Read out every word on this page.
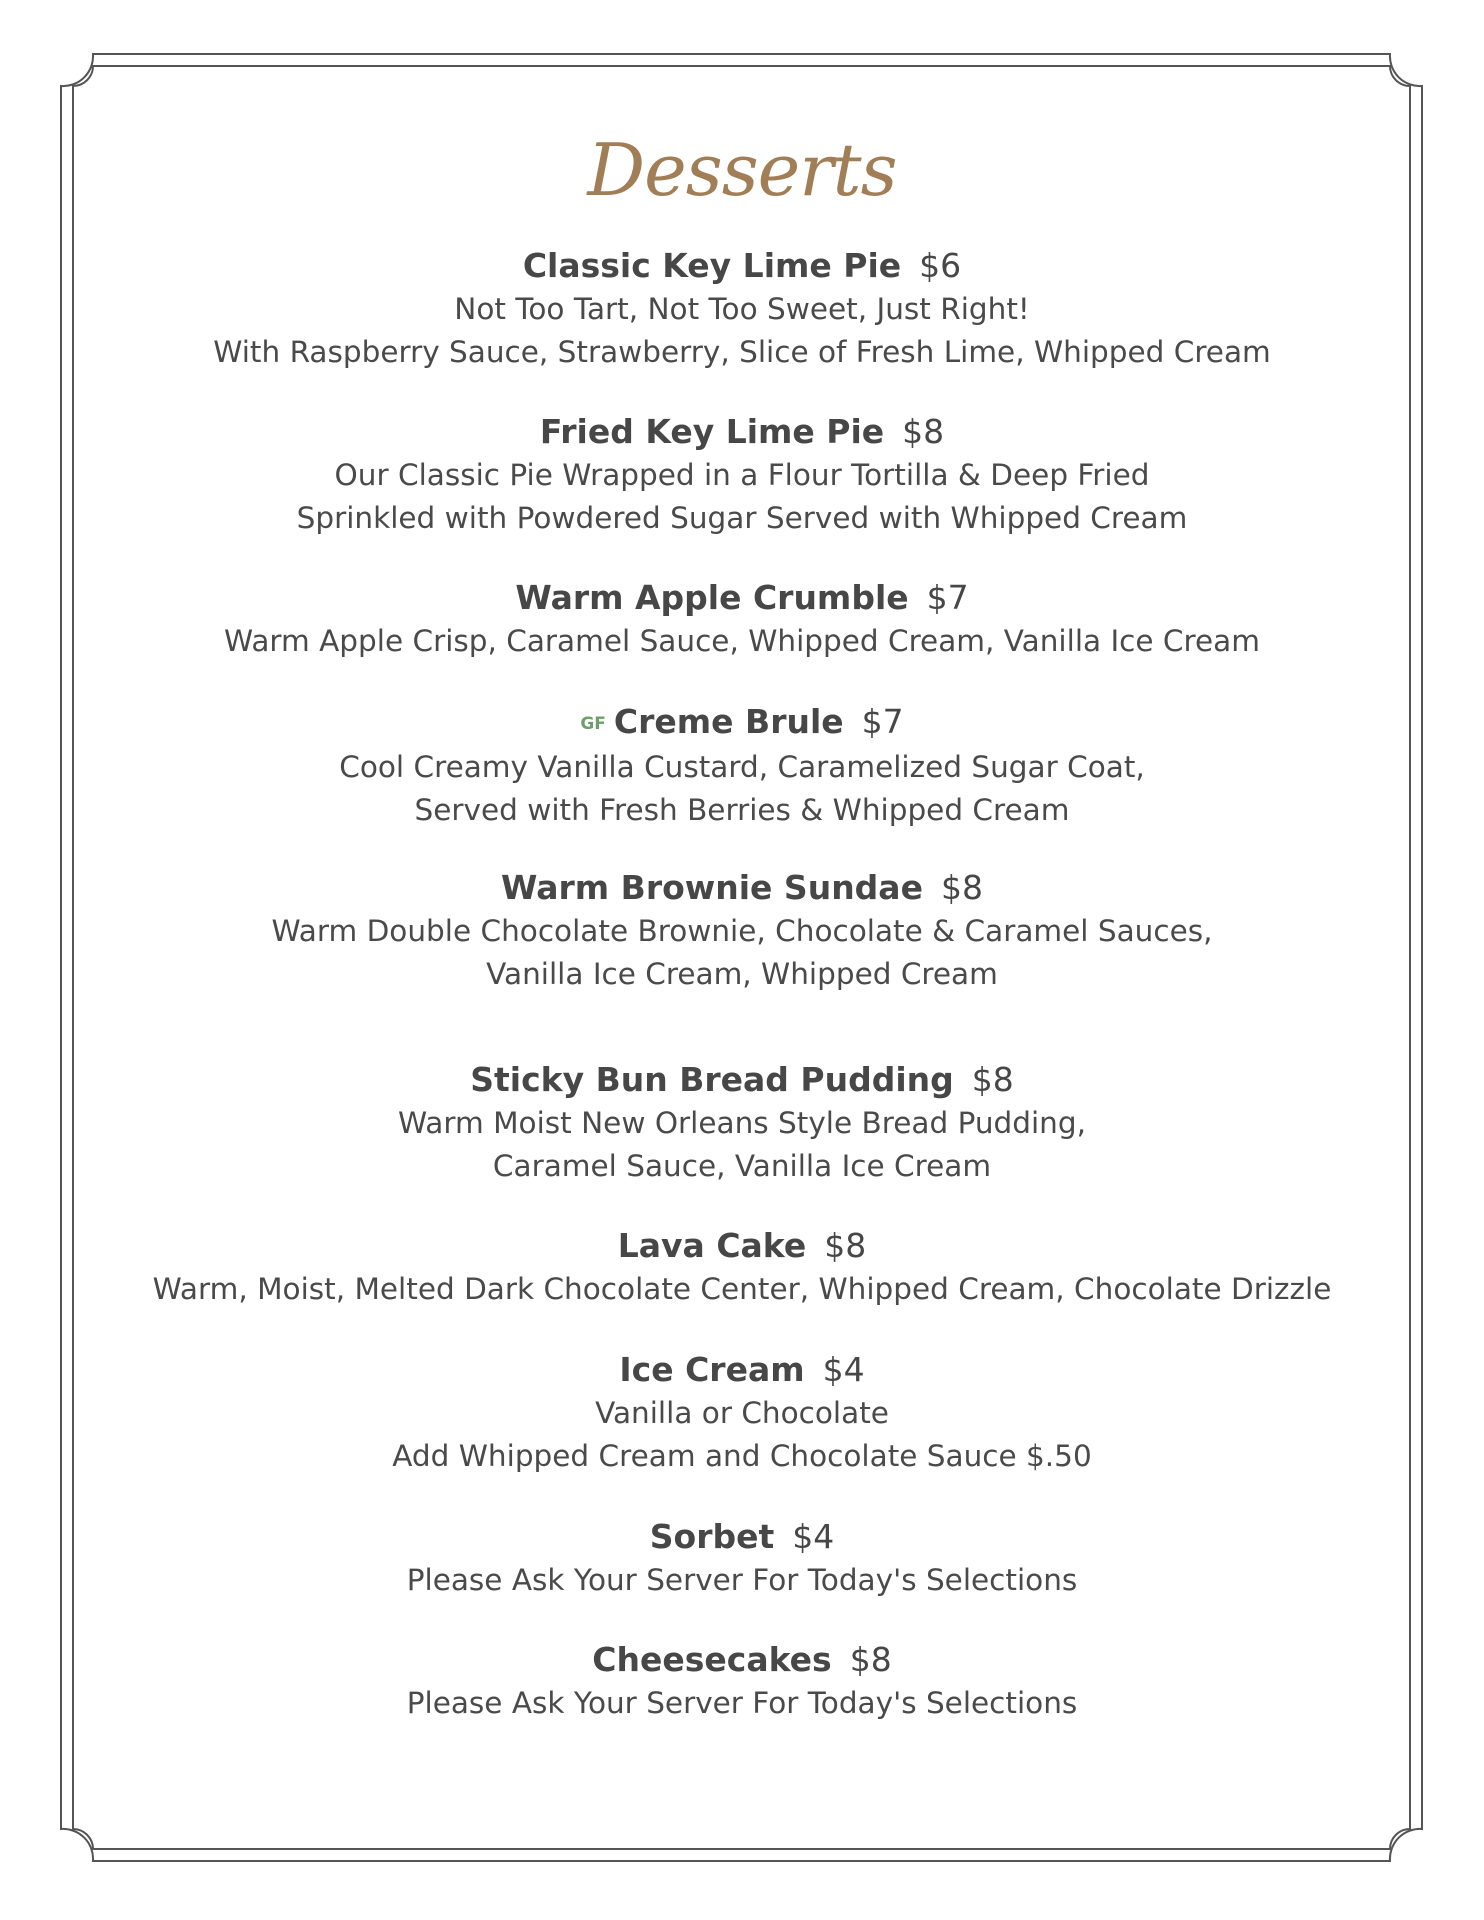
Desserts
Classic Key Lime Pie $6
Not Too Tart, Not Too Sweet, Just Right!
With Raspberry Sauce, Strawberry, Slice of Fresh Lime, Whipped Cream
Fried Key Lime Pie $8
Our Classic Pie Wrapped in a Flour Tortilla & Deep Fried
Sprinkled with Powdered Sugar Served with Whipped Cream
Warm Apple Crumble $7
Warm Apple Crisp, Caramel Sauce, Whipped Cream, Vanilla Ice Cream
GF Creme Brule $7
Cool Creamy Vanilla Custard, Caramelized Sugar Coat,
Served with Fresh Berries & Whipped Cream
Warm Brownie Sundae $8
Warm Double Chocolate Brownie, Chocolate & Caramel Sauces,
Vanilla Ice Cream, Whipped Cream
Sticky Bun Bread Pudding $8
Warm Moist New Orleans Style Bread Pudding,
Caramel Sauce, Vanilla Ice Cream
Lava Cake $8
Warm, Moist, Melted Dark Chocolate Center, Whipped Cream, Chocolate Drizzle
Ice Cream $4
Vanilla or Chocolate
Add Whipped Cream and Chocolate Sauce $.50
Sorbet $4
Please Ask Your Server For Today's Selections
Cheesecakes $8
Please Ask Your Server For Today's Selections
